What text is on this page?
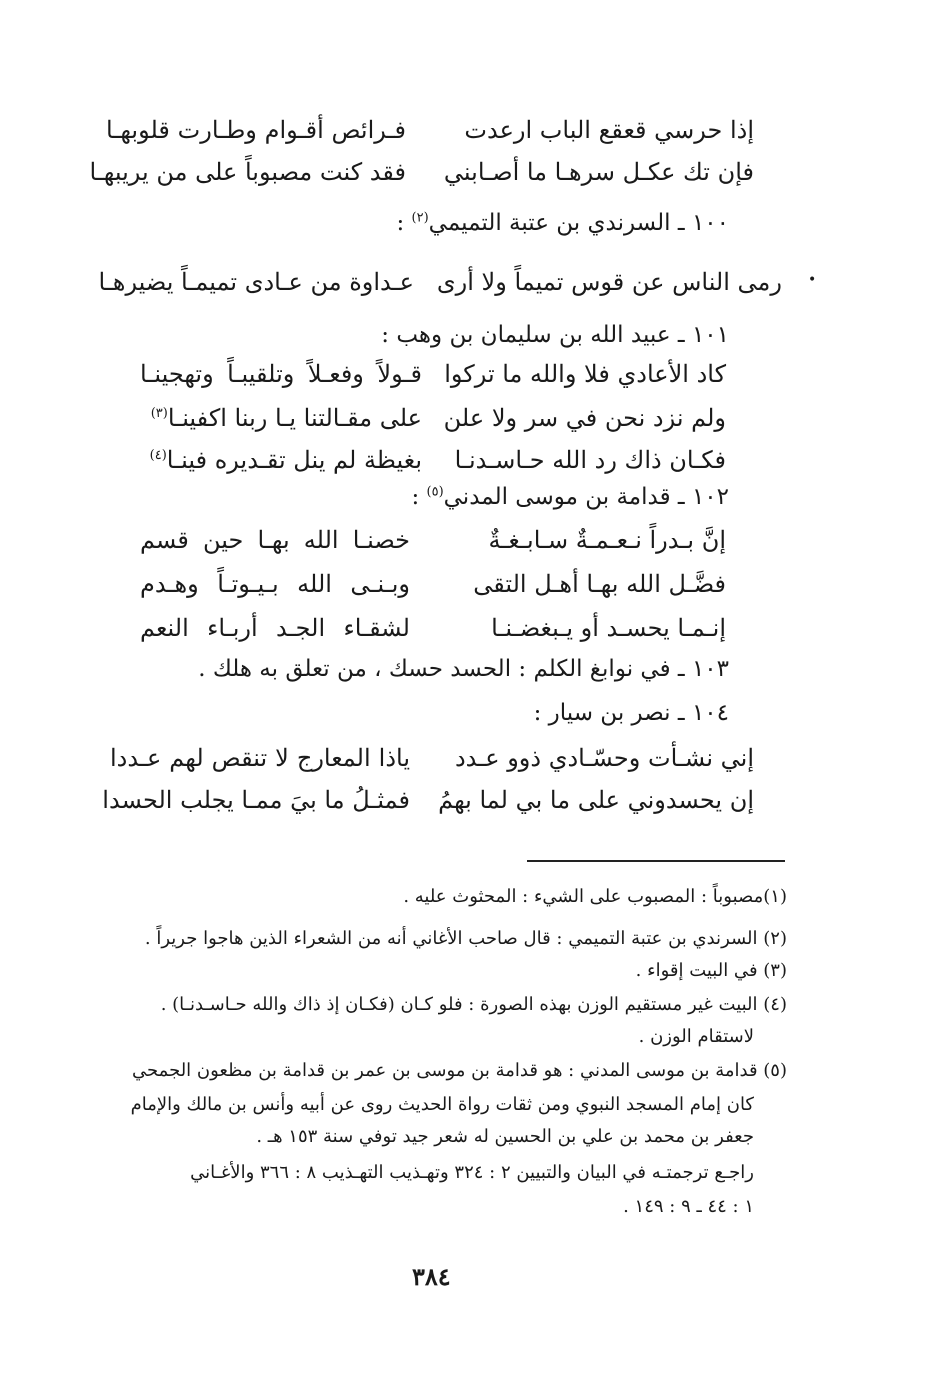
إذا حرسي قعقع الباب ارعدت
فـرائص أقـوام وطـارت قلوبهـا
فإن تك عكـل سرهـا ما أصـابني
فقد كنت مصبوباً على من يريبهـا
١٠٠ ـ السرندي بن عتبة التميمي$^{(٢)}$ :
•
رمى الناس عن قوس تميماً ولا أرى
عـداوة من عـادى تميمـاً يضيرهـا
١٠١ ـ عبيد الله بن سليمان بن وهب :
كاد الأعادي فلا والله ما تركوا
قـولاً وفعـلاً وتلقيبـاً وتهجينـا
ولم نزد نحن في سر ولا علن
على مقـالتنا يـا ربنا اكفينـا$^{(٣)}$
فكـان ذاك رد الله حـاسـدنـا
بغيظة لم ينل تقـديره فينـا$^{(٤)}$
١٠٢ ـ قدامة بن موسى المدني$^{(٥)}$ :
إنَّ بـدراً نـعـمـةٌ سـابـغـةٌ
خصنـا الله بهـا حين قسم
فضَّـل الله بهـا أهـل التقى
وبـنـى الله بـيـوتـاً وهـدم
إنـمـا يحسـد أو يـبغضـنـا
لشقـاء الجـد أربـاء النعم
١٠٣ ـ في نوابغ الكلم : الحسد حسك ، من تعلق به هلك .
١٠٤ ـ نصر بن سيار :
إني نشـأت وحسّـادي ذوو عـدد
ياذا المعارج لا تنقص لهم عـددا
إن يحسدوني على ما بي لما بهمُ
فمثـلُ ما بيَ ممـا يجلب الحسدا
(١)مصبوباً : المصبوب على الشيء : المحثوث عليه .
(٢) السرندي بن عتبة التميمي : قال صاحب الأغاني أنه من الشعراء الذين هاجوا جريراً .
(٣) في البيت إقواء .
(٤) البيت غير مستقيم الوزن بهذه الصورة : فلو كـان (فكـان إذ ذاك والله حـاسـدنـا) .
لاستقام الوزن .
(٥) قدامة بن موسى المدني : هو قدامة بن موسى بن عمر بن قدامة بن مظعون الجمحي
كان إمام المسجد النبوي ومن ثقات رواة الحديث روى عن أبيه وأنس بن مالك والإمام
جعفر بن محمد بن علي بن الحسين له شعر جيد توفي سنة ١٥٣ هـ .
راجـع ترجمتـه في البيان والتبيين ٢ : ٣٢٤ وتهـذيب التهـذيب ٨ : ٣٦٦ والأغـاني
١ : ٤٤ ـ ٩ : ١٤٩ .
٣٨٤
